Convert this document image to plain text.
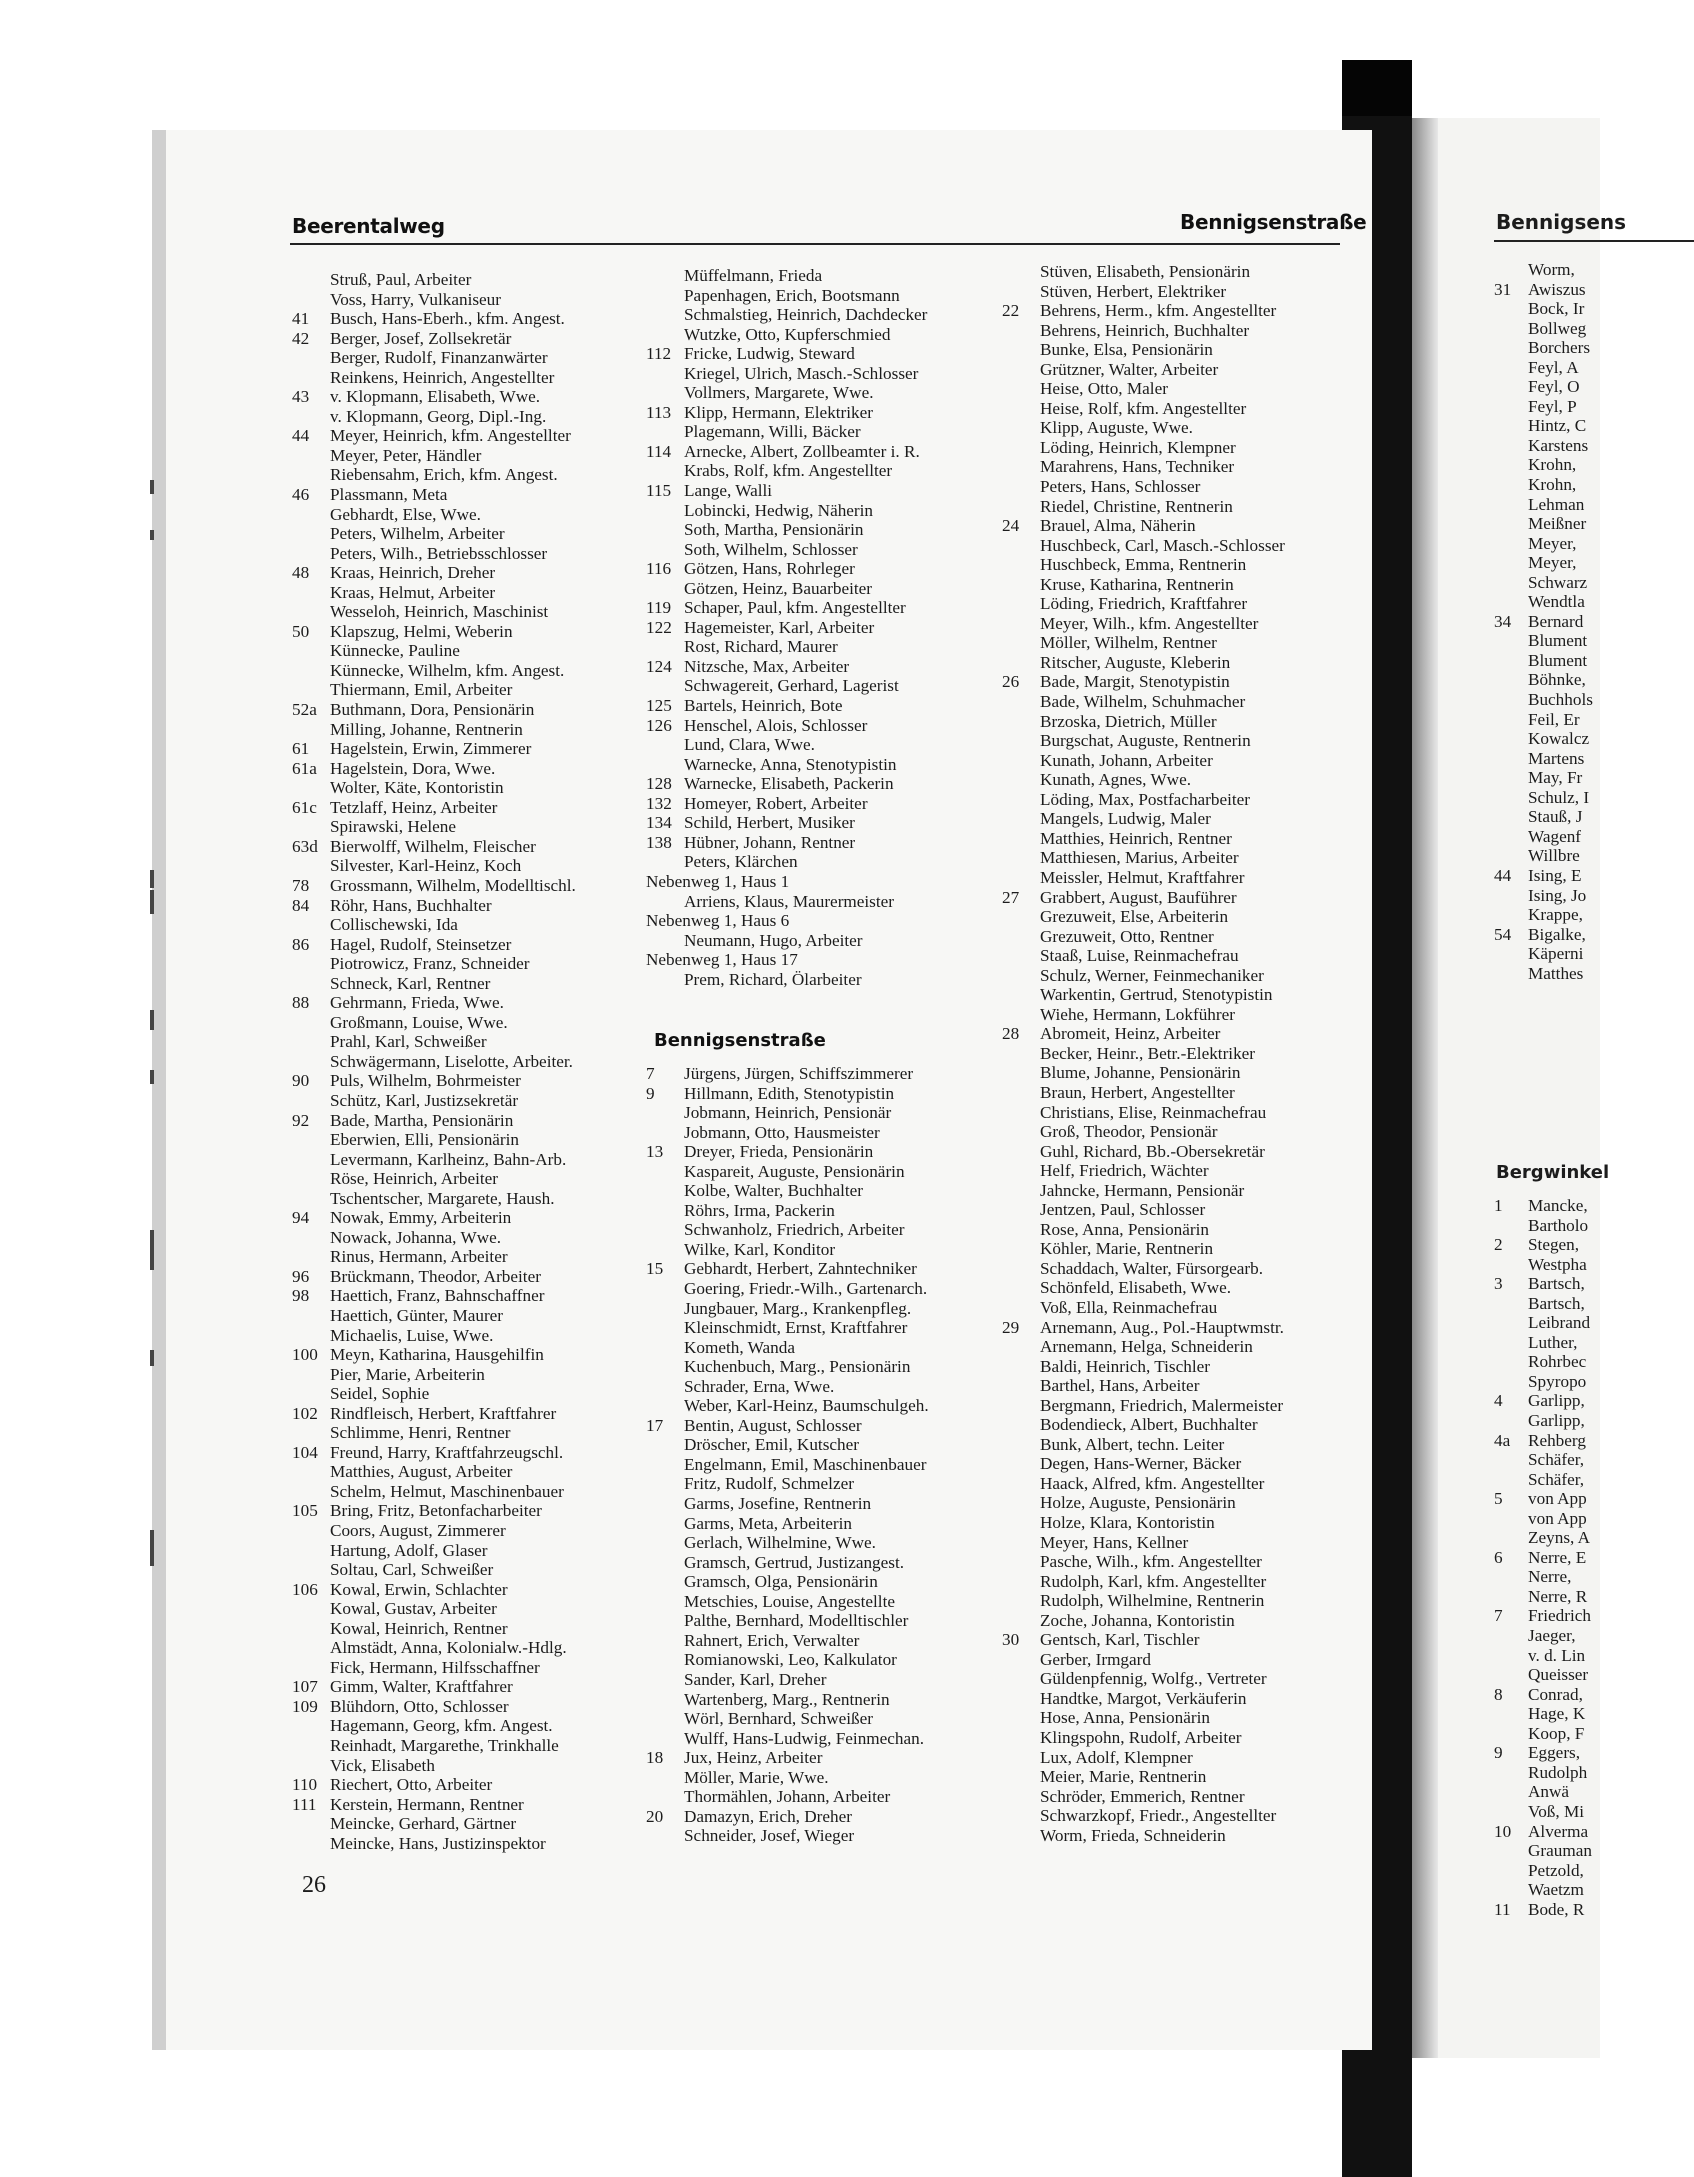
Beerentalweg	Bennigsenstraße
Struß, Paul, Arbeiter
Voss, Harry, Vulkaniseur
41	Busch, Hans-Eberh., kfm. Angest.
42	Berger, Josef, Zollsekretär
Berger, Rudolf, Finanzanwärter
Reinkens, Heinrich, Angestellter
43	v. Klopmann, Elisabeth, Wwe.
v. Klopmann, Georg, Dipl.-Ing.
44	Meyer, Heinrich, kfm. Angestellter
Meyer, Peter, Händler
Riebensahm, Erich, kfm. Angest.
46	Plassmann, Meta
Gebhardt, Else, Wwe.
Peters, Wilhelm, Arbeiter
Peters, Wilh., Betriebsschlosser
48	Kraas, Heinrich, Dreher
Kraas, Helmut, Arbeiter
Wesseloh, Heinrich, Maschinist
50	Klapszug, Helmi, Weberin
Künnecke, Pauline
Künnecke, Wilhelm, kfm. Angest.
Thiermann, Emil, Arbeiter
52a Buthmann, Dora, Pensionärin
Milling, Johanne, Rentnerin
61	Hagelstein, Erwin, Zimmerer
61a Hagelstein, Dora, Wwe.
Wolter, Käte, Kontoristin
61c Tetzlaff, Heinz, Arbeiter
Spirawski, Helene
63d Bierwolff, Wilhelm, Fleischer
Silvester, Karl-Heinz, Koch
78	Grossmann, Wilhelm, Modelltischl.
84	Röhr, Hans, Buchhalter
Collischewski, Ida
86	Hagel, Rudolf, Steinsetzer
Piotrowicz, Franz, Schneider
Schneck, Karl, Rentner
88	Gehrmann, Frieda, Wwe.
Großmann, Louise, Wwe.
Prahl, Karl, Schweißer
Schwägermann, Liselotte, Arbeiter.
90	Puls, Wilhelm, Bohrmeister
Schütz, Karl, Justizsekretär
92	Bade, Martha, Pensionärin
Eberwien, Elli, Pensionärin
Levermann, Karlheinz, Bahn-Arb.
Röse, Heinrich, Arbeiter
Tschentscher, Margarete, Haush.
94	Nowak, Emmy, Arbeiterin
Nowack, Johanna, Wwe.
Rinus, Hermann, Arbeiter
96	Brückmann, Theodor, Arbeiter
98	Haettich, Franz, Bahnschaffner
Haettich, Günter, Maurer
Michaelis, Luise, Wwe.
100 Meyn, Katharina, Hausgehilfin
Pier, Marie, Arbeiterin
Seidel, Sophie
102 Rindfleisch, Herbert, Kraftfahrer
Schlimme, Henri, Rentner
104 Freund, Harry, Kraftfahrzeugschl.
Matthies, August, Arbeiter
Schelm, Helmut, Maschinenbauer
105 Bring, Fritz, Betonfacharbeiter
Coors, August, Zimmerer
Hartung, Adolf, Glaser
Soltau, Carl, Schweißer
106 Kowal, Erwin, Schlachter
Kowal, Gustav, Arbeiter
Kowal, Heinrich, Rentner
Almstädt, Anna, Kolonialw.-Hdlg.
Fick, Hermann, Hilfsschaffner
107 Gimm, Walter, Kraftfahrer
109 Blühdorn, Otto, Schlosser
Hagemann, Georg, kfm. Angest.
Reinhadt, Margarethe, Trinkhalle
Vick, Elisabeth
110 Riechert, Otto, Arbeiter
111 Kerstein, Hermann, Rentner
Meincke, Gerhard, Gärtner
Meincke, Hans, Justizinspektor
Müffelmann, Frieda
Papenhagen, Erich, Bootsmann
Schmalstieg, Heinrich, Dachdecker
Wutzke, Otto, Kupferschmied
112 Fricke, Ludwig, Steward
Kriegel, Ulrich, Masch.-Schlosser
Vollmers, Margarete, Wwe.
113 Klipp, Hermann, Elektriker
Plagemann, Willi, Bäcker
114 Arnecke, Albert, Zollbeamter i. R.
Krabs, Rolf, kfm. Angestellter
115 Lange, Walli
Lobincki, Hedwig, Näherin
Soth, Martha, Pensionärin
Soth, Wilhelm, Schlosser
116 Götzen, Hans, Rohrleger
Götzen, Heinz, Bauarbeiter
119 Schaper, Paul, kfm. Angestellter
122 Hagemeister, Karl, Arbeiter
Rost, Richard, Maurer
124 Nitzsche, Max, Arbeiter
Schwagereit, Gerhard, Lagerist
125 Bartels, Heinrich, Bote
126 Henschel, Alois, Schlosser
Lund, Clara, Wwe.
Warnecke, Anna, Stenotypistin
128 Warnecke, Elisabeth, Packerin
132 Homeyer, Robert, Arbeiter
134 Schild, Herbert, Musiker
138 Hübner, Johann, Rentner
Peters, Klärchen
Nebenweg 1, Haus 1
Arriens, Klaus, Maurermeister
Nebenweg 1, Haus 6
Neumann, Hugo, Arbeiter
Nebenweg 1, Haus 17
Prem, Richard, Ölarbeiter
Stüven, Elisabeth, Pensionärin
Stüven, Herbert, Elektriker
22	Behrens, Herm., kfm. Angestellter
Behrens, Heinrich, Buchhalter
Bunke, Elsa, Pensionärin
Grützner, Walter, Arbeiter
Heise, Otto, Maler
Heise, Rolf, kfm. Angestellter
Klipp, Auguste, Wwe.
Löding, Heinrich, Klempner
Marahrens, Hans, Techniker
Peters, Hans, Schlosser
Riedel, Christine, Rentnerin
24	Brauel, Alma, Näherin
Huschbeck, Carl, Masch.-Schlosser
Huschbeck, Emma, Rentnerin
Kruse, Katharina, Rentnerin
Löding, Friedrich, Kraftfahrer
Meyer, Wilh., kfm. Angestellter
Möller, Wilhelm, Rentner
Ritscher, Auguste, Kleberin
26	Bade, Margit, Stenotypistin
Bade, Wilhelm, Schuhmacher
Brzoska, Dietrich, Müller
Burgschat, Auguste, Rentnerin
Kunath, Johann, Arbeiter
Kunath, Agnes, Wwe.
Löding, Max, Postfacharbeiter
Mangels, Ludwig, Maler
Matthies, Heinrich, Rentner
Matthiesen, Marius, Arbeiter
Meissler, Helmut, Kraftfahrer
27	Grabbert, August, Bauführer
Grezuweit, Else, Arbeiterin
Grezuweit, Otto, Rentner
Staaß, Luise, Reinmachefrau
Schulz, Werner, Feinmechaniker
Warkentin, Gertrud, Stenotypistin
Wiehe, Hermann, Lokführer
28	Abromeit, Heinz, Arbeiter
Becker, Heinr., Betr.-Elektriker
Blume, Johanne, Pensionärin
Braun, Herbert, Angestellter
Christians, Elise, Reinmachefrau
Groß, Theodor, Pensionär
Guhl, Richard, Bb.-Obersekretär
Helf, Friedrich, Wächter
Jahncke, Hermann, Pensionär
Jentzen, Paul, Schlosser
Rose, Anna, Pensionärin
Köhler, Marie, Rentnerin
Schaddach, Walter, Fürsorgearb.
Schönfeld, Elisabeth, Wwe.
Voß, Ella, Reinmachefrau
29	Arnemann, Aug., Pol.-Hauptwmstr.
Arnemann, Helga, Schneiderin
Baldi, Heinrich, Tischler
Barthel, Hans, Arbeiter
Bergmann, Friedrich, Malermeister
Bodendieck, Albert, Buchhalter
Bunk, Albert, techn. Leiter
Degen, Hans-Werner, Bäcker
Haack, Alfred, kfm. Angestellter
Holze, Auguste, Pensionärin
Holze, Klara, Kontoristin
Meyer, Hans, Kellner
Pasche, Wilh., kfm. Angestellter
Rudolph, Karl, kfm. Angestellter
Rudolph, Wilhelmine, Rentnerin
Zoche, Johanna, Kontoristin
30	Gentsch, Karl, Tischler
Gerber, Irmgard
Güldenpfennig, Wolfg., Vertreter
Handtke, Margot, Verkäuferin
Hose, Anna, Pensionärin
Klingspohn, Rudolf, Arbeiter
Lux, Adolf, Klempner
Meier, Marie, Rentnerin
Schröder, Emmerich, Rentner
Schwarzkopf, Friedr., Angestellter
Worm, Frieda, Schneiderin
Bennigsenstraße
7	Jürgens, Jürgen, Schiffszimmerer
9	Hillmann, Edith, Stenotypistin
Jobmann, Heinrich, Pensionär
Jobmann, Otto, Hausmeister
13	Dreyer, Frieda, Pensionärin
Kaspareit, Auguste, Pensionärin
Kolbe, Walter, Buchhalter
Röhrs, Irma, Packerin
Schwanholz, Friedrich, Arbeiter
Wilke, Karl, Konditor
15	Gebhardt, Herbert, Zahntechniker
Goering, Friedr.-Wilh., Gartenarch.
Jungbauer, Marg., Krankenpfleg.
Kleinschmidt, Ernst, Kraftfahrer
Kometh, Wanda
Kuchenbuch, Marg., Pensionärin
Schrader, Erna, Wwe.
Weber, Karl-Heinz, Baumschulgeh.
17	Bentin, August, Schlosser
Dröscher, Emil, Kutscher
Engelmann, Emil, Maschinenbauer
Fritz, Rudolf, Schmelzer
Garms, Josefine, Rentnerin
Garms, Meta, Arbeiterin
Gerlach, Wilhelmine, Wwe.
Gramsch, Gertrud, Justizangest.
Gramsch, Olga, Pensionärin
Metschies, Louise, Angestellte
Palthe, Bernhard, Modelltischler
Rahnert, Erich, Verwalter
Romianowski, Leo, Kalkulator
Sander, Karl, Dreher
Wartenberg, Marg., Rentnerin
Wörl, Bernhard, Schweißer
Wulff, Hans-Ludwig, Feinmechan.
18	Jux, Heinz, Arbeiter
Möller, Marie, Wwe.
Thormählen, Johann, Arbeiter
20	Damazyn, Erich, Dreher
Schneider, Josef, Wieger
26
Bennigsens
Worm,
31 Awiszus
Bock, Ir
Bollweg
Borchers
Feyl, A
Feyl, O
Feyl, P
Hintz, C
Karstens
Krohn,
Krohn,
Lehman
Meißner
Meyer,
Meyer,
Schwarz
Wendtla
34 Bernard
Blument
Blument
Böhnke,
Buchhols
Feil, Er
Kowalcz
Martens
May, Fr
Schulz, I
Stauß, J
Wagenf
Willbre
44 Ising, E
Ising, Jo
Krappe,
54 Bigalke,
Käperni
Matthes
Bergwinkel
1	Mancke,
Bartholo
2	Stegen,
Westpha
3	Bartsch,
Bartsch,
Leibrand
Luther,
Rohrbec
Spyropo
4	Garlipp,
Garlipp,
4a	Rehberg
Schäfer,
Schäfer,
5	von App
von App
Zeyns, A
6	Nerre, E
Nerre,
Nerre, R
7	Friedrich
Jaeger,
v. d. Lin
Queisser
8	Conrad,
Hage, K
Koop, F
9	Eggers,
Rudolph
Anwä
Voß, Mi
10 Alverma
Grauman
Petzold,
Waetzm
11	Bode, R
